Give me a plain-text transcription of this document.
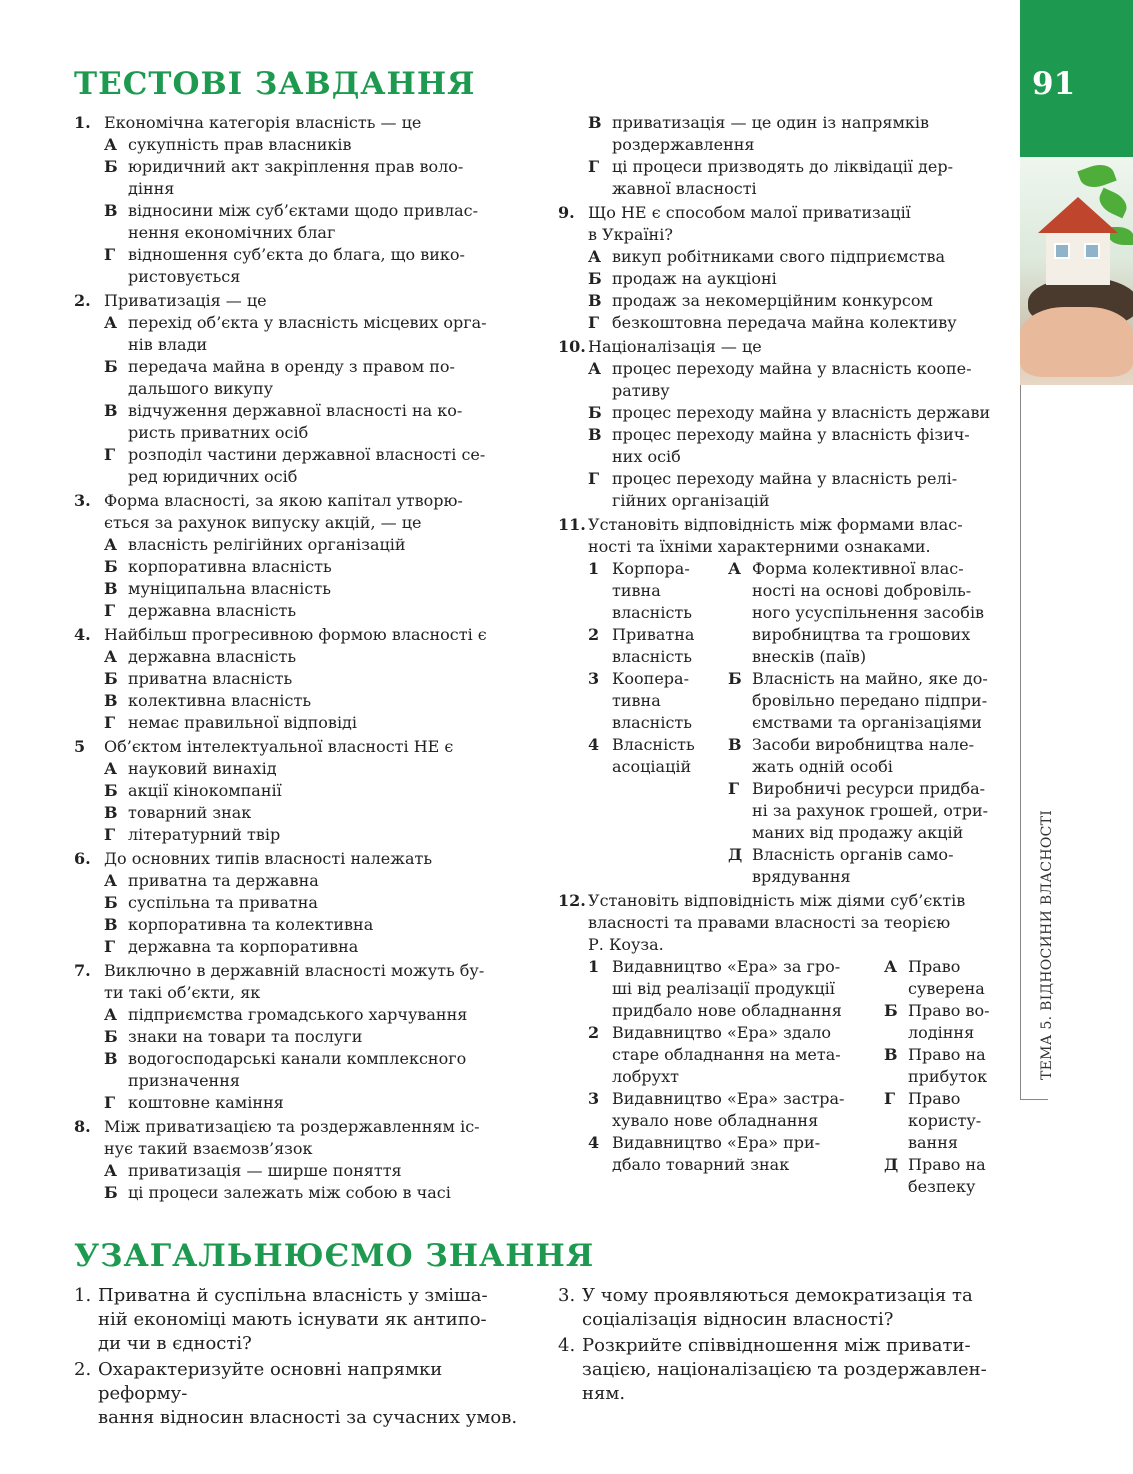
91
ТЕМА 5. ВІДНОСИНИ ВЛАСНОСТІ
ТЕСТОВІ ЗАВДАННЯ
УЗАГАЛЬНЮЄМО ЗНАННЯ
1. Економічна категорія власність — це
А сукупність прав власників
Б юридичний акт закріплення прав воло-
діння
В відносини між суб’єктами щодо привлас-
нення економічних благ
Г відношення суб’єкта до блага, що вико-
ристовується
2. Приватизація — це
А перехід об’єкта у власність місцевих орга-
нів влади
Б передача майна в оренду з правом по-
дальшого викупу
В відчуження державної власності на ко-
ристь приватних осіб
Г розподіл частини державної власності се-
ред юридичних осіб
3. Форма власності, за якою капітал утворю-
ється за рахунок випуску акцій, — це
А власність релігійних організацій
Б корпоративна власність
В муніципальна власність
Г державна власність
4. Найбільш прогресивною формою власності є
А державна власність
Б приватна власність
В колективна власність
Г немає правильної відповіді
5 Об’єктом інтелектуальної власності НЕ є
А науковий винахід
Б акції кінокомпанії
В товарний знак
Г літературний твір
6. До основних типів власності належать
А приватна та державна
Б суспільна та приватна
В корпоративна та колективна
Г державна та корпоративна
7. Виключно в державній власності можуть бу-
ти такі об’єкти, як
А підприємства громадського харчування
Б знаки на товари та послуги
В водогосподарські канали комплексного
призначення
Г коштовне каміння
8. Між приватизацією та роздержавленням іс-
нує такий взаємозв’язок
А приватизація — ширше поняття
Б ці процеси залежать між собою в часі
В приватизація — це один із напрямків
роздержавлення
Г ці процеси призводять до ліквідації дер-
жавної власності
9. Що НЕ є способом малої приватизації
в Україні?
А викуп робітниками свого підприємства
Б продаж на аукціоні
В продаж за некомерційним конкурсом
Г безкоштовна передача майна колективу
10. Націоналізація — це
А процес переходу майна у власність коопе-
ративу
Б процес переходу майна у власність держави
В процес переходу майна у власність фізич-
них осіб
Г процес переходу майна у власність релі-
гійних організацій
11. Установіть відповідність між формами влас-
ності та їхніми характерними ознаками.
1 Корпора-
тивна
власність
2 Приватна
власність
3 Коопера-
тивна
власність
4 Власність
асоціацій
А Форма колективної влас-
ності на основі добровіль-
ного усуспільнення засобів
виробництва та грошових
внесків (паїв)
Б Власність на майно, яке до-
бровільно передано підпри-
ємствами та організаціями
В Засоби виробництва нале-
жать одній особі
Г Виробничі ресурси придба-
ні за рахунок грошей, отри-
маних від продажу акцій
Д Власність органів само-
врядування
12. Установіть відповідність між діями суб’єктів
власності та правами власності за теорією
Р. Коуза.
1 Видавництво «Ера» за гро-
ші від реалізації продукції
придбало нове обладнання
2 Видавництво «Ера» здало
старе обладнання на мета-
лобрухт
3 Видавництво «Ера» застра-
хувало нове обладнання
4 Видавництво «Ера» при-
дбало товарний знак
А Право
суверена
Б Право во-
лодіння
В Право на
прибуток
Г Право
користу-
вання
Д Право на
безпеку
1. Приватна й суспільна власність у зміша-
ній економіці мають існувати як антипо-
ди чи в єдності?
2. Охарактеризуйте основні напрямки реформу-
вання відносин власності за сучасних умов.
3. У чому проявляються демократизація та
соціалізація відносин власності?
4. Розкрийте співвідношення між привати-
зацією, націоналізацією та роздержавлен-
ням.
